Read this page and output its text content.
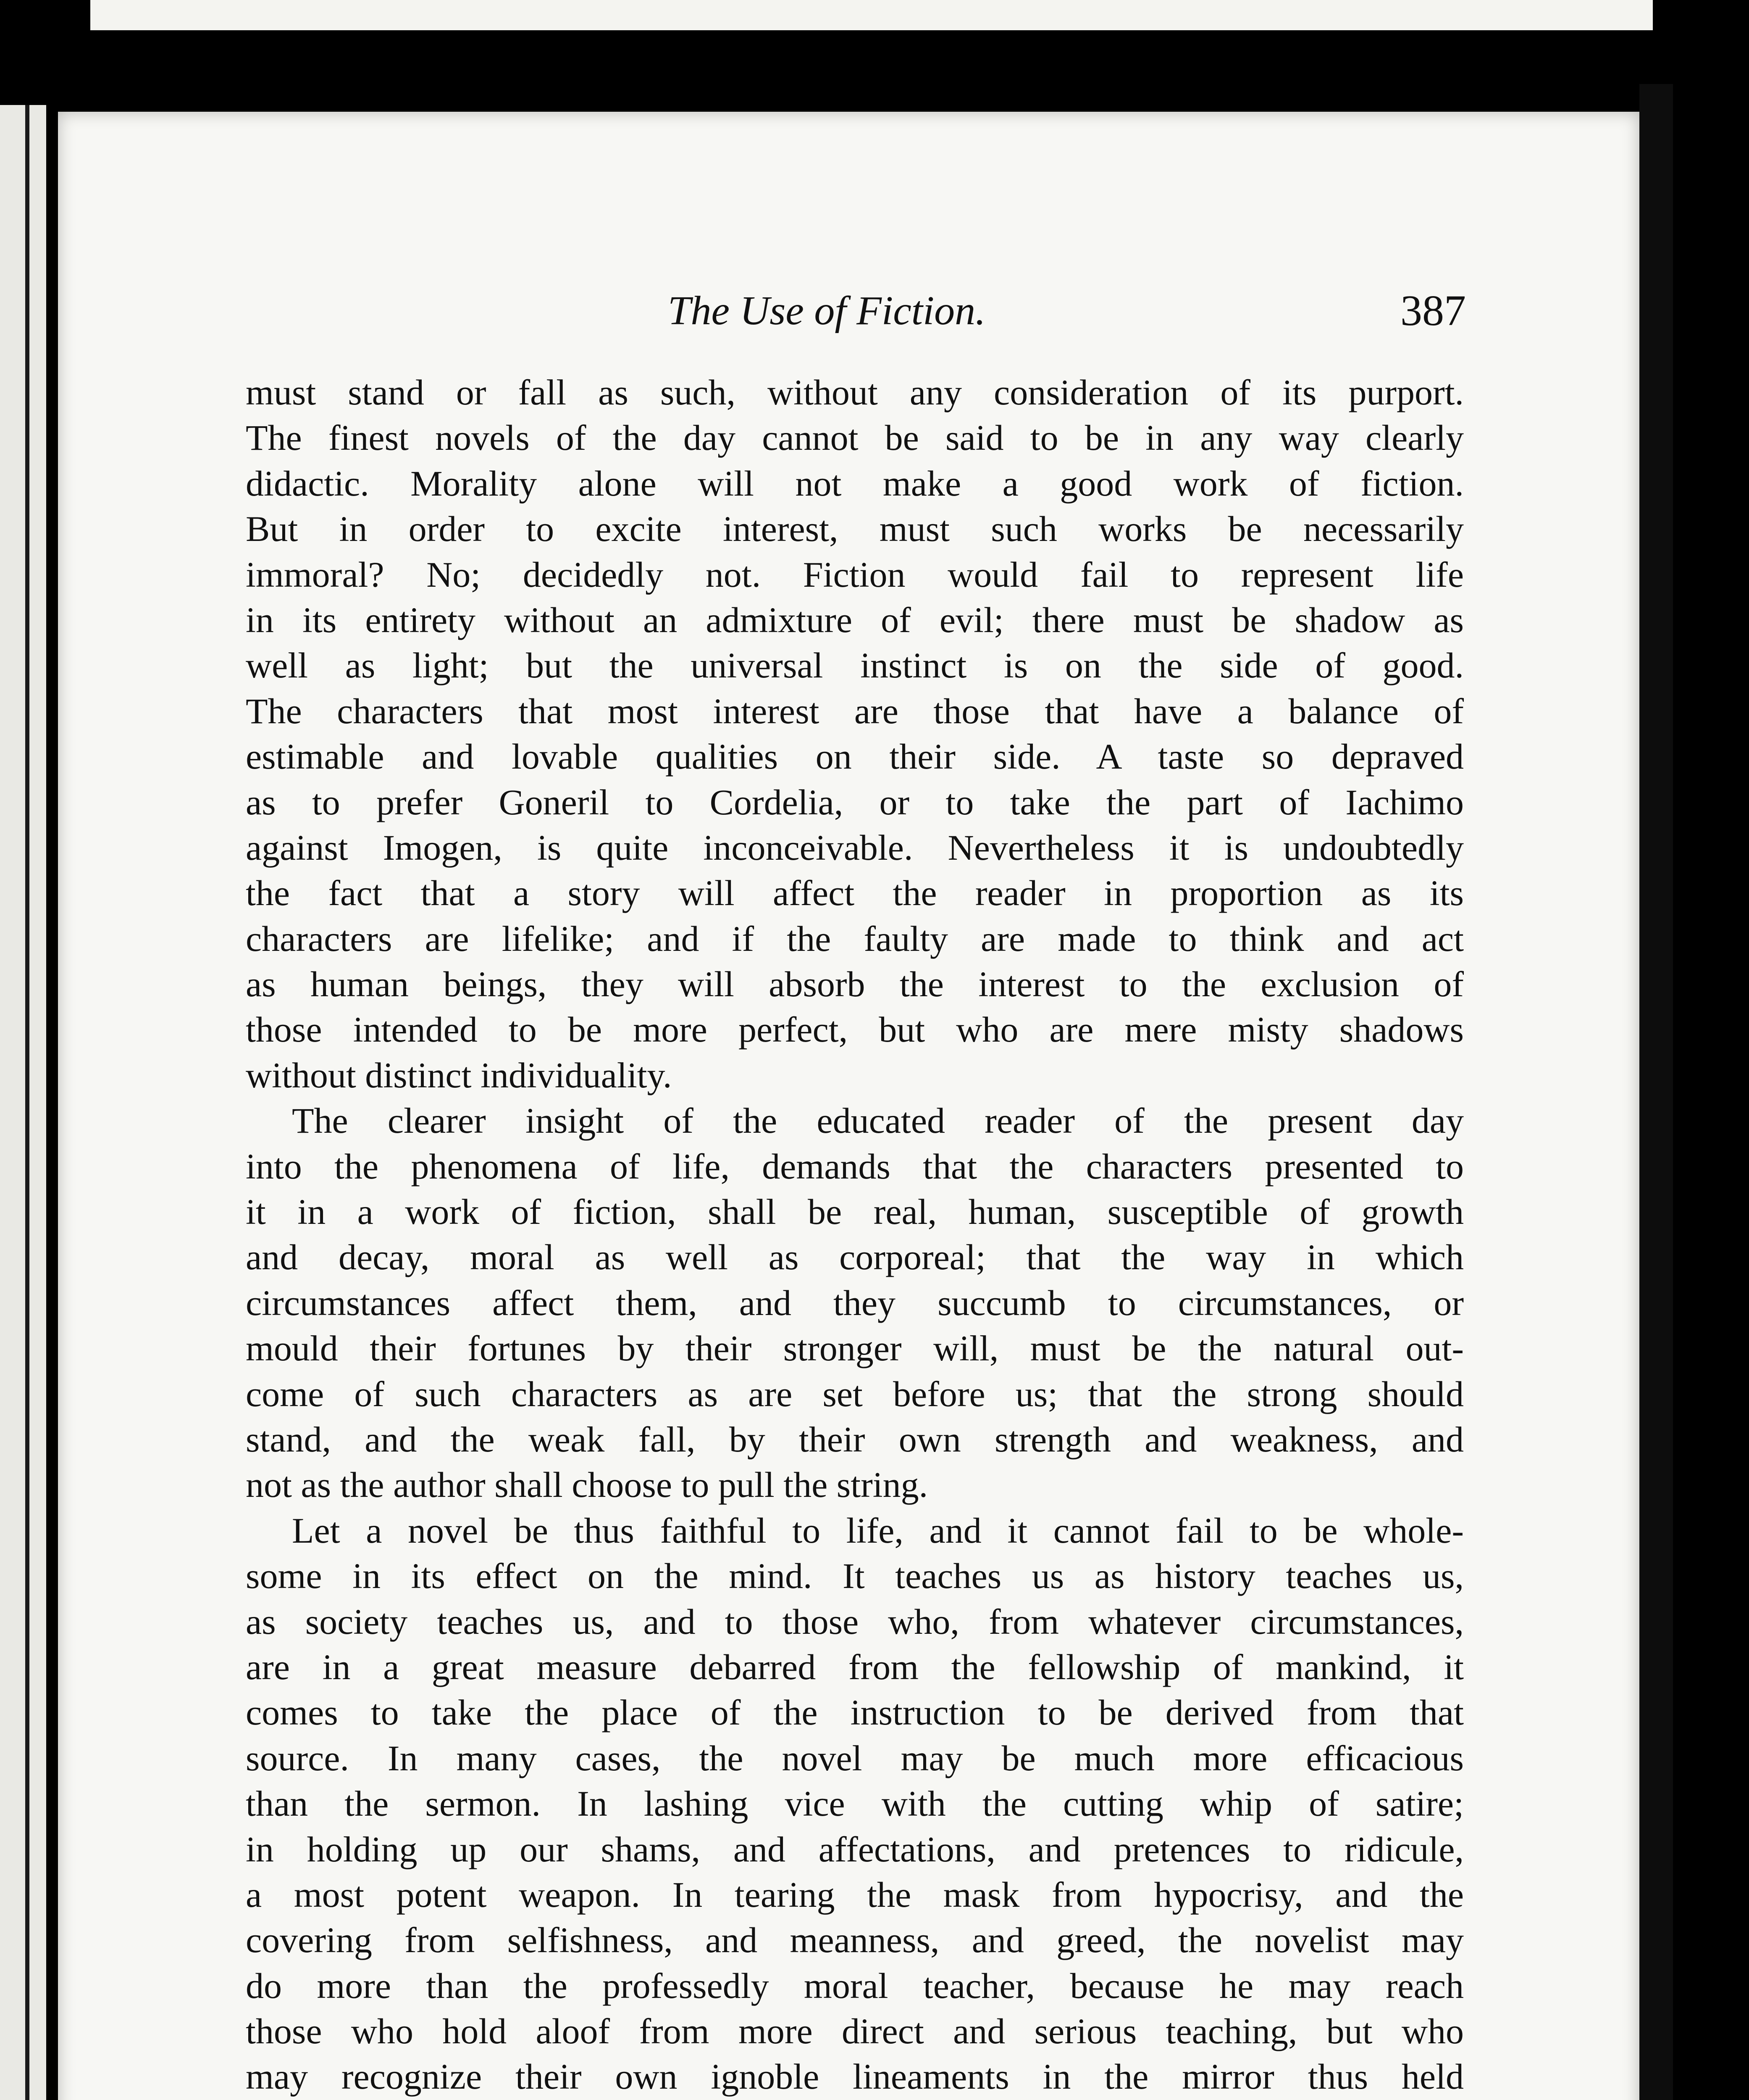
The Use of Fiction.	387
must stand or fall as such, without any consideration of its purport.
The finest novels of the day cannot be said to be in any way clearly
didactic. Morality alone will not make a good work of fiction.
But in order to excite interest, must such works be necessarily
immoral? No; decidedly not. Fiction would fail to represent life
in its entirety without an admixture of evil; there must be shadow as
well as light; but the universal instinct is on the side of good.
The characters that most interest are those that have a balance of
estimable and lovable qualities on their side. A taste so depraved
as to prefer Goneril to Cordelia, or to take the part of Iachimo
against Imogen, is quite inconceivable. Nevertheless it is undoubtedly
the fact that a story will affect the reader in proportion as its
characters are lifelike; and if the faulty are made to think and act
as human beings, they will absorb the interest to the exclusion of
those intended to be more perfect, but who are mere misty shadows
without distinct individuality.
The clearer insight of the educated reader of the present day
into the phenomena of life, demands that the characters presented to
it in a work of fiction, shall be real, human, susceptible of growth
and decay, moral as well as corporeal; that the way in which
circumstances affect them, and they succumb to circumstances, or
mould their fortunes by their stronger will, must be the natural out-
come of such characters as are set before us; that the strong should
stand, and the weak fall, by their own strength and weakness, and
not as the author shall choose to pull the string.
Let a novel be thus faithful to life, and it cannot fail to be whole-
some in its effect on the mind. It teaches us as history teaches us,
as society teaches us, and to those who, from whatever circumstances,
are in a great measure debarred from the fellowship of mankind, it
comes to take the place of the instruction to be derived from that
source. In many cases, the novel may be much more efficacious
than the sermon. In lashing vice with the cutting whip of satire;
in holding up our shams, and affectations, and pretences to ridicule,
a most potent weapon. In tearing the mask from hypocrisy, and the
covering from selfishness, and meanness, and greed, the novelist may
do more than the professedly moral teacher, because he may reach
those who hold aloof from more direct and serious teaching, but who
may recognize their own ignoble lineaments in the mirror thus held
